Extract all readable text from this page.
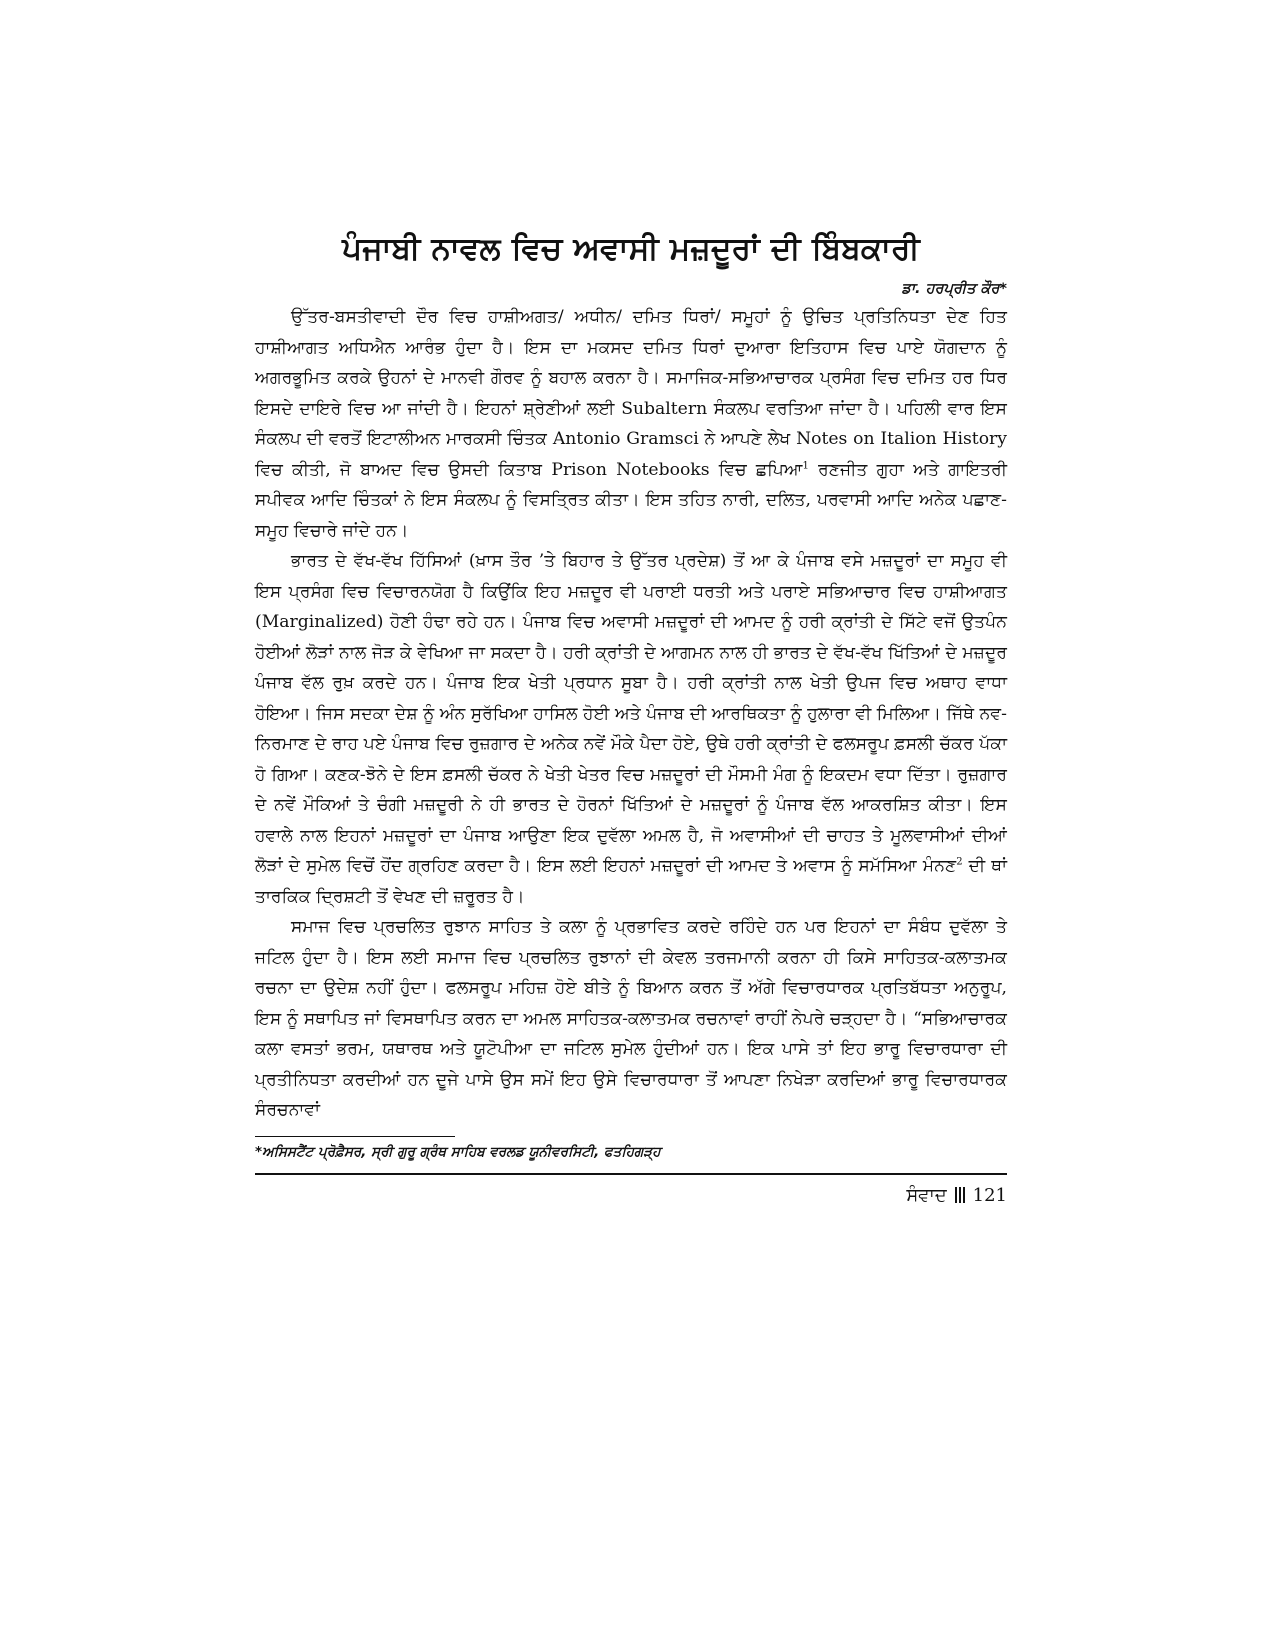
ਪੰਜਾਬੀ ਨਾਵਲ ਵਿਚ ਅਵਾਸੀ ਮਜ਼ਦੂਰਾਂ ਦੀ ਬਿੰਬਕਾਰੀ
ਡਾ. ਹਰਪ੍ਰੀਤ ਕੌਰ*

ਉੱਤਰ-ਬਸਤੀਵਾਦੀ ਦੌਰ ਵਿਚ ਹਾਸ਼ੀਅਗਤ/ ਅਧੀਨ/ ਦਮਿਤ ਧਿਰਾਂ/ ਸਮੂਹਾਂ ਨੂੰ ਉਚਿਤ ਪ੍ਰਤਿਨਿਧਤਾ ਦੇਣ ਹਿਤ ਹਾਸ਼ੀਆਗਤ ਅਧਿਐਨ ਆਰੰਭ ਹੁੰਦਾ ਹੈ। ਇਸ ਦਾ ਮਕਸਦ ਦਮਿਤ ਧਿਰਾਂ ਦੁਆਰਾ ਇਤਿਹਾਸ ਵਿਚ ਪਾਏ ਯੋਗਦਾਨ ਨੂੰ ਅਗਰਭੂਮਿਤ ਕਰਕੇ ਉਹਨਾਂ ਦੇ ਮਾਨਵੀ ਗੌਰਵ ਨੂੰ ਬਹਾਲ ਕਰਨਾ ਹੈ। ਸਮਾਜਿਕ-ਸਭਿਆਚਾਰਕ ਪ੍ਰਸੰਗ ਵਿਚ ਦਮਿਤ ਹਰ ਧਿਰ ਇਸਦੇ ਦਾਇਰੇ ਵਿਚ ਆ ਜਾਂਦੀ ਹੈ। ਇਹਨਾਂ ਸ਼੍ਰੇਣੀਆਂ ਲਈ Subaltern ਸੰਕਲਪ ਵਰਤਿਆ ਜਾਂਦਾ ਹੈ। ਪਹਿਲੀ ਵਾਰ ਇਸ ਸੰਕਲਪ ਦੀ ਵਰਤੋਂ ਇਟਾਲੀਅਨ ਮਾਰਕਸੀ ਚਿੰਤਕ Antonio Gramsci ਨੇ ਆਪਣੇ ਲੇਖ Notes on Italion History ਵਿਚ ਕੀਤੀ, ਜੋ ਬਾਅਦ ਵਿਚ ਉਸਦੀ ਕਿਤਾਬ Prison Notebooks ਵਿਚ ਛਪਿਆ$^1$ ਰਣਜੀਤ ਗੁਹਾ ਅਤੇ ਗਾਇਤਰੀ ਸਪੀਵਕ ਆਦਿ ਚਿੰਤਕਾਂ ਨੇ ਇਸ ਸੰਕਲਪ ਨੂੰ ਵਿਸਤ੍ਰਿਤ ਕੀਤਾ। ਇਸ ਤਹਿਤ ਨਾਰੀ, ਦਲਿਤ, ਪਰਵਾਸੀ ਆਦਿ ਅਨੇਕ ਪਛਾਣ-ਸਮੂਹ ਵਿਚਾਰੇ ਜਾਂਦੇ ਹਨ।

ਭਾਰਤ ਦੇ ਵੱਖ-ਵੱਖ ਹਿੱਸਿਆਂ (ਖ਼ਾਸ ਤੌਰ ’ਤੇ ਬਿਹਾਰ ਤੇ ਉੱਤਰ ਪ੍ਰਦੇਸ਼) ਤੋਂ ਆ ਕੇ ਪੰਜਾਬ ਵਸੇ ਮਜ਼ਦੂਰਾਂ ਦਾ ਸਮੂਹ ਵੀ ਇਸ ਪ੍ਰਸੰਗ ਵਿਚ ਵਿਚਾਰਨਯੋਗ ਹੈ ਕਿਉਂਕਿ ਇਹ ਮਜ਼ਦੂਰ ਵੀ ਪਰਾਈ ਧਰਤੀ ਅਤੇ ਪਰਾਏ ਸਭਿਆਚਾਰ ਵਿਚ ਹਾਸ਼ੀਆਗਤ (Marginalized) ਹੋਣੀ ਹੰਢਾ ਰਹੇ ਹਨ। ਪੰਜਾਬ ਵਿਚ ਅਵਾਸੀ ਮਜ਼ਦੂਰਾਂ ਦੀ ਆਮਦ ਨੂੰ ਹਰੀ ਕ੍ਰਾਂਤੀ ਦੇ ਸਿੱਟੇ ਵਜੋਂ ਉਤਪੰਨ ਹੋਈਆਂ ਲੋੜਾਂ ਨਾਲ ਜੋੜ ਕੇ ਵੇਖਿਆ ਜਾ ਸਕਦਾ ਹੈ। ਹਰੀ ਕ੍ਰਾਂਤੀ ਦੇ ਆਗਮਨ ਨਾਲ ਹੀ ਭਾਰਤ ਦੇ ਵੱਖ-ਵੱਖ ਖਿੱਤਿਆਂ ਦੇ ਮਜ਼ਦੂਰ ਪੰਜਾਬ ਵੱਲ ਰੁਖ਼ ਕਰਦੇ ਹਨ। ਪੰਜਾਬ ਇਕ ਖੇਤੀ ਪ੍ਰਧਾਨ ਸੂਬਾ ਹੈ। ਹਰੀ ਕ੍ਰਾਂਤੀ ਨਾਲ ਖੇਤੀ ਉਪਜ ਵਿਚ ਅਥਾਹ ਵਾਧਾ ਹੋਇਆ। ਜਿਸ ਸਦਕਾ ਦੇਸ਼ ਨੂੰ ਅੰਨ ਸੁਰੱਖਿਆ ਹਾਸਿਲ ਹੋਈ ਅਤੇ ਪੰਜਾਬ ਦੀ ਆਰਥਿਕਤਾ ਨੂੰ ਹੁਲਾਰਾ ਵੀ ਮਿਲਿਆ। ਜਿੱਥੇ ਨਵ-ਨਿਰਮਾਣ ਦੇ ਰਾਹ ਪਏ ਪੰਜਾਬ ਵਿਚ ਰੁਜ਼ਗਾਰ ਦੇ ਅਨੇਕ ਨਵੇਂ ਮੌਕੇ ਪੈਦਾ ਹੋਏ, ਉਥੇ ਹਰੀ ਕ੍ਰਾਂਤੀ ਦੇ ਫਲਸਰੂਪ ਫ਼ਸਲੀ ਚੱਕਰ ਪੱਕਾ ਹੋ ਗਿਆ। ਕਣਕ-ਝੋਨੇ ਦੇ ਇਸ ਫ਼ਸਲੀ ਚੱਕਰ ਨੇ ਖੇਤੀ ਖੇਤਰ ਵਿਚ ਮਜ਼ਦੂਰਾਂ ਦੀ ਮੌਸਮੀ ਮੰਗ ਨੂੰ ਇਕਦਮ ਵਧਾ ਦਿੱਤਾ। ਰੁਜ਼ਗਾਰ ਦੇ ਨਵੇਂ ਮੌਕਿਆਂ ਤੇ ਚੰਗੀ ਮਜ਼ਦੂਰੀ ਨੇ ਹੀ ਭਾਰਤ ਦੇ ਹੋਰਨਾਂ ਖਿੱਤਿਆਂ ਦੇ ਮਜ਼ਦੂਰਾਂ ਨੂੰ ਪੰਜਾਬ ਵੱਲ ਆਕਰਸ਼ਿਤ ਕੀਤਾ। ਇਸ ਹਵਾਲੇ ਨਾਲ ਇਹਨਾਂ ਮਜ਼ਦੂਰਾਂ ਦਾ ਪੰਜਾਬ ਆਉਣਾ ਇਕ ਦੁਵੱਲਾ ਅਮਲ ਹੈ, ਜੋ ਅਵਾਸੀਆਂ ਦੀ ਚਾਹਤ ਤੇ ਮੂਲਵਾਸੀਆਂ ਦੀਆਂ ਲੋੜਾਂ ਦੇ ਸੁਮੇਲ ਵਿਚੋਂ ਹੋਂਦ ਗ੍ਰਹਿਣ ਕਰਦਾ ਹੈ। ਇਸ ਲਈ ਇਹਨਾਂ ਮਜ਼ਦੂਰਾਂ ਦੀ ਆਮਦ ਤੇ ਅਵਾਸ ਨੂੰ ਸਮੱਸਿਆ ਮੰਨਣ$^2$ ਦੀ ਥਾਂ ਤਾਰਕਿਕ ਦ੍ਰਿਸ਼ਟੀ ਤੋਂ ਵੇਖਣ ਦੀ ਜ਼ਰੂਰਤ ਹੈ।

ਸਮਾਜ ਵਿਚ ਪ੍ਰਚਲਿਤ ਰੁਝਾਨ ਸਾਹਿਤ ਤੇ ਕਲਾ ਨੂੰ ਪ੍ਰਭਾਵਿਤ ਕਰਦੇ ਰਹਿੰਦੇ ਹਨ ਪਰ ਇਹਨਾਂ ਦਾ ਸੰਬੰਧ ਦੁਵੱਲਾ ਤੇ ਜਟਿਲ ਹੁੰਦਾ ਹੈ। ਇਸ ਲਈ ਸਮਾਜ ਵਿਚ ਪ੍ਰਚਲਿਤ ਰੁਝਾਨਾਂ ਦੀ ਕੇਵਲ ਤਰਜਮਾਨੀ ਕਰਨਾ ਹੀ ਕਿਸੇ ਸਾਹਿਤਕ-ਕਲਾਤਮਕ ਰਚਨਾ ਦਾ ਉਦੇਸ਼ ਨਹੀਂ ਹੁੰਦਾ। ਫਲਸਰੂਪ ਮਹਿਜ਼ ਹੋਏ ਬੀਤੇ ਨੂੰ ਬਿਆਨ ਕਰਨ ਤੋਂ ਅੱਗੇ ਵਿਚਾਰਧਾਰਕ ਪ੍ਰਤਿਬੱਧਤਾ ਅਨੁਰੂਪ, ਇਸ ਨੂੰ ਸਥਾਪਿਤ ਜਾਂ ਵਿਸਥਾਪਿਤ ਕਰਨ ਦਾ ਅਮਲ ਸਾਹਿਤਕ-ਕਲਾਤਮਕ ਰਚਨਾਵਾਂ ਰਾਹੀਂ ਨੇਪਰੇ ਚੜ੍ਹਦਾ ਹੈ। “ਸਭਿਆਚਾਰਕ ਕਲਾ ਵਸਤਾਂ ਭਰਮ, ਯਥਾਰਥ ਅਤੇ ਯੂਟੋਪੀਆ ਦਾ ਜਟਿਲ ਸੁਮੇਲ ਹੁੰਦੀਆਂ ਹਨ। ਇਕ ਪਾਸੇ ਤਾਂ ਇਹ ਭਾਰੂ ਵਿਚਾਰਧਾਰਾ ਦੀ ਪ੍ਰਤੀਨਿਧਤਾ ਕਰਦੀਆਂ ਹਨ ਦੂਜੇ ਪਾਸੇ ਉਸ ਸਮੇਂ ਇਹ ਉਸੇ ਵਿਚਾਰਧਾਰਾ ਤੋਂ ਆਪਣਾ ਨਿਖੇੜਾ ਕਰਦਿਆਂ ਭਾਰੂ ਵਿਚਾਰਧਾਰਕ ਸੰਰਚਨਾਵਾਂ

*ਅਸਿਸਟੈਂਟ ਪ੍ਰੋਫ਼ੈਸਰ, ਸ੍ਰੀ ਗੁਰੂ ਗ੍ਰੰਥ ਸਾਹਿਬ ਵਰਲਡ ਯੂਨੀਵਰਸਿਟੀ, ਫਤਹਿਗੜ੍ਹ
ਸੰਵਾਦ 121
